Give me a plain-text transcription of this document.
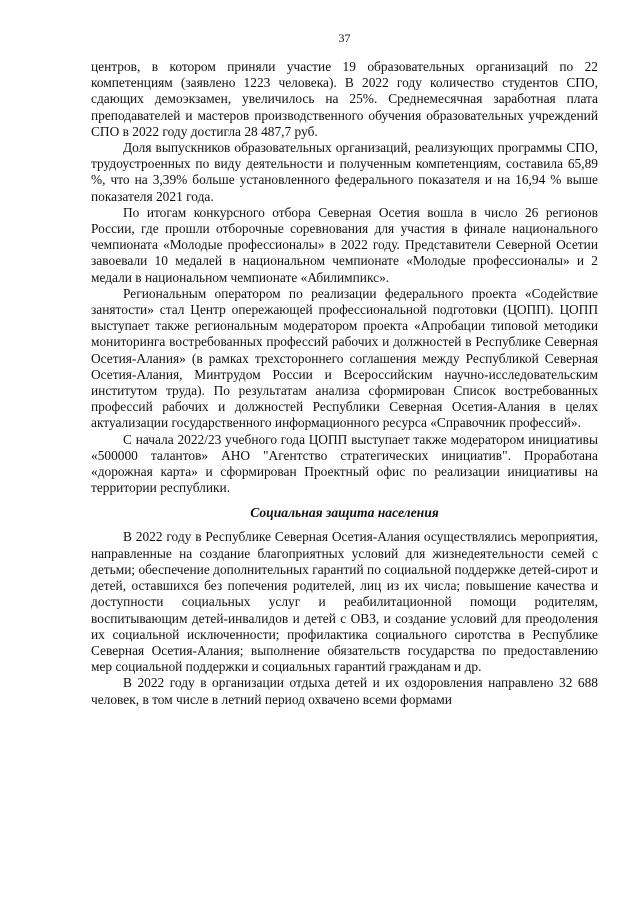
37

центров, в котором приняли участие 19 образовательных организаций по 22 компетенциям (заявлено 1223 человека). В 2022 году количество студентов СПО, сдающих демоэкзамен, увеличилось на 25%. Среднемесячная заработная плата преподавателей и мастеров производственного обучения образовательных учреждений СПО в 2022 году достигла 28 487,7 руб.

Доля выпускников образовательных организаций, реализующих программы СПО, трудоустроенных по виду деятельности и полученным компетенциям, составила 65,89 %, что на 3,39% больше установленного федерального показателя и на 16,94 % выше показателя 2021 года.

По итогам конкурсного отбора Северная Осетия вошла в число 26 регионов России, где прошли отборочные соревнования для участия в финале национального чемпионата «Молодые профессионалы» в 2022 году. Представители Северной Осетии завоевали 10 медалей в национальном чемпионате «Молодые профессионалы» и 2 медали в национальном чемпионате «Абилимпикс».

Региональным оператором по реализации федерального проекта «Содействие занятости» стал Центр опережающей профессиональной подготовки (ЦОПП). ЦОПП выступает также региональным модератором проекта «Апробации типовой методики мониторинга востребованных профессий рабочих и должностей в Республике Северная Осетия-Алания» (в рамках трехстороннего соглашения между Республикой Северная Осетия-Алания, Минтрудом России и Всероссийским научно-исследовательским институтом труда). По результатам анализа сформирован Список востребованных профессий рабочих и должностей Республики Северная Осетия-Алания в целях актуализации государственного информационного ресурса «Справочник профессий».

С начала 2022/23 учебного года ЦОПП выступает также модератором инициативы «500000 талантов» АНО "Агентство стратегических инициатив". Проработана «дорожная карта» и сформирован Проектный офис по реализации инициативы на территории республики.

Социальная защита населения

В 2022 году в Республике Северная Осетия-Алания осуществлялись мероприятия, направленные на создание благоприятных условий для жизнедеятельности семей с детьми; обеспечение дополнительных гарантий по социальной поддержке детей-сирот и детей, оставшихся без попечения родителей, лиц из их числа; повышение качества и доступности социальных услуг и реабилитационной помощи родителям, воспитывающим детей-инвалидов и детей с ОВЗ, и создание условий для преодоления их социальной исключенности; профилактика социального сиротства в Республике Северная Осетия-Алания; выполнение обязательств государства по предоставлению мер социальной поддержки и социальных гарантий гражданам и др.

В 2022 году в организации отдыха детей и их оздоровления направлено 32 688 человек, в том числе в летний период охвачено всеми формами
